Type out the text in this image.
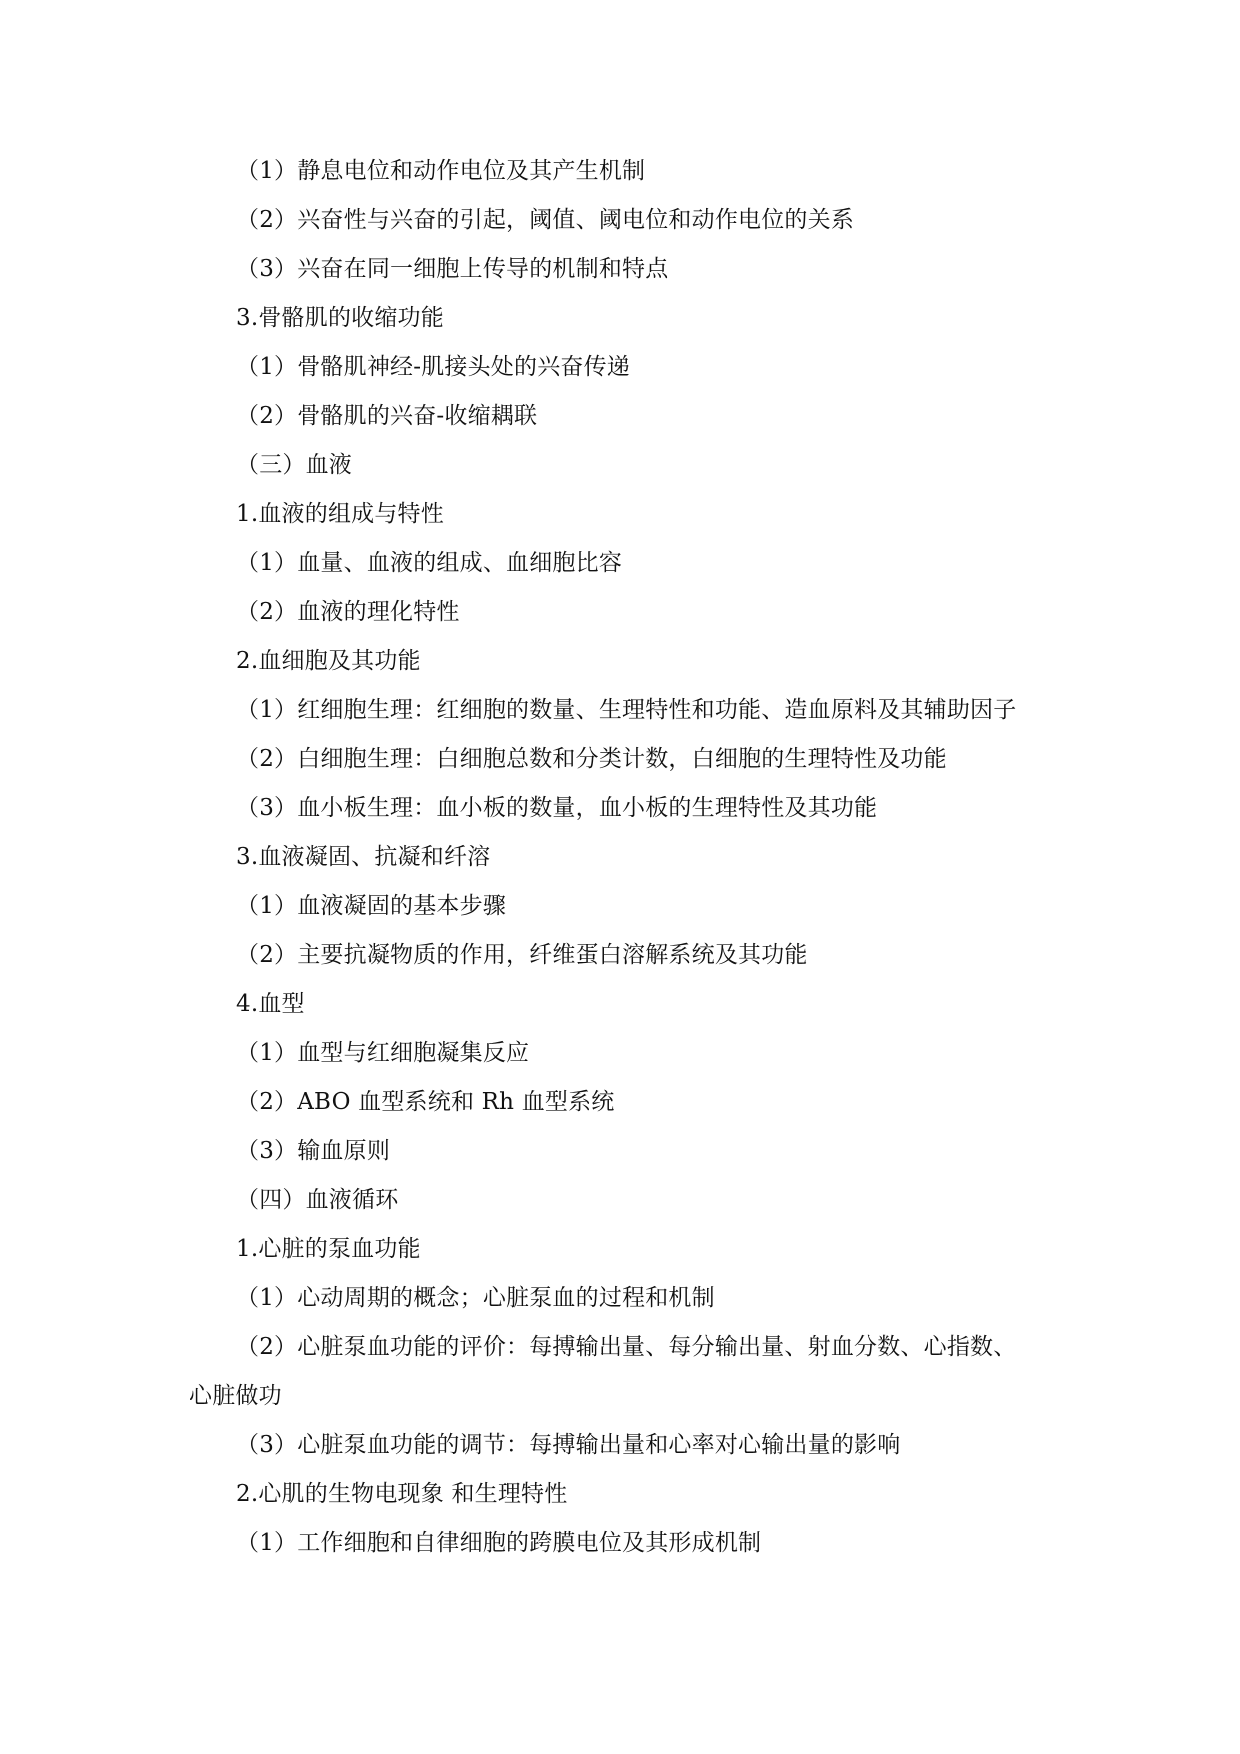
（1）静息电位和动作电位及其产生机制
（2）兴奋性与兴奋的引起，阈值、阈电位和动作电位的关系
（3）兴奋在同一细胞上传导的机制和特点
3.骨骼肌的收缩功能
（1）骨骼肌神经-肌接头处的兴奋传递
（2）骨骼肌的兴奋-收缩耦联
（三）血液
1.血液的组成与特性
（1）血量、血液的组成、血细胞比容
（2）血液的理化特性
2.血细胞及其功能
（1）红细胞生理：红细胞的数量、生理特性和功能、造血原料及其辅助因子
（2）白细胞生理：白细胞总数和分类计数，白细胞的生理特性及功能
（3）血小板生理：血小板的数量，血小板的生理特性及其功能
3.血液凝固、抗凝和纤溶
（1）血液凝固的基本步骤
（2）主要抗凝物质的作用，纤维蛋白溶解系统及其功能
4.血型
（1）血型与红细胞凝集反应
（2）ABO 血型系统和 Rh 血型系统
（3）输血原则
（四）血液循环
1.心脏的泵血功能
（1）心动周期的概念；心脏泵血的过程和机制
（2）心脏泵血功能的评价：每搏输出量、每分输出量、射血分数、心指数、
心脏做功
（3）心脏泵血功能的调节：每搏输出量和心率对心输出量的影响
2.心肌的生物电现象 和生理特性
（1）工作细胞和自律细胞的跨膜电位及其形成机制
